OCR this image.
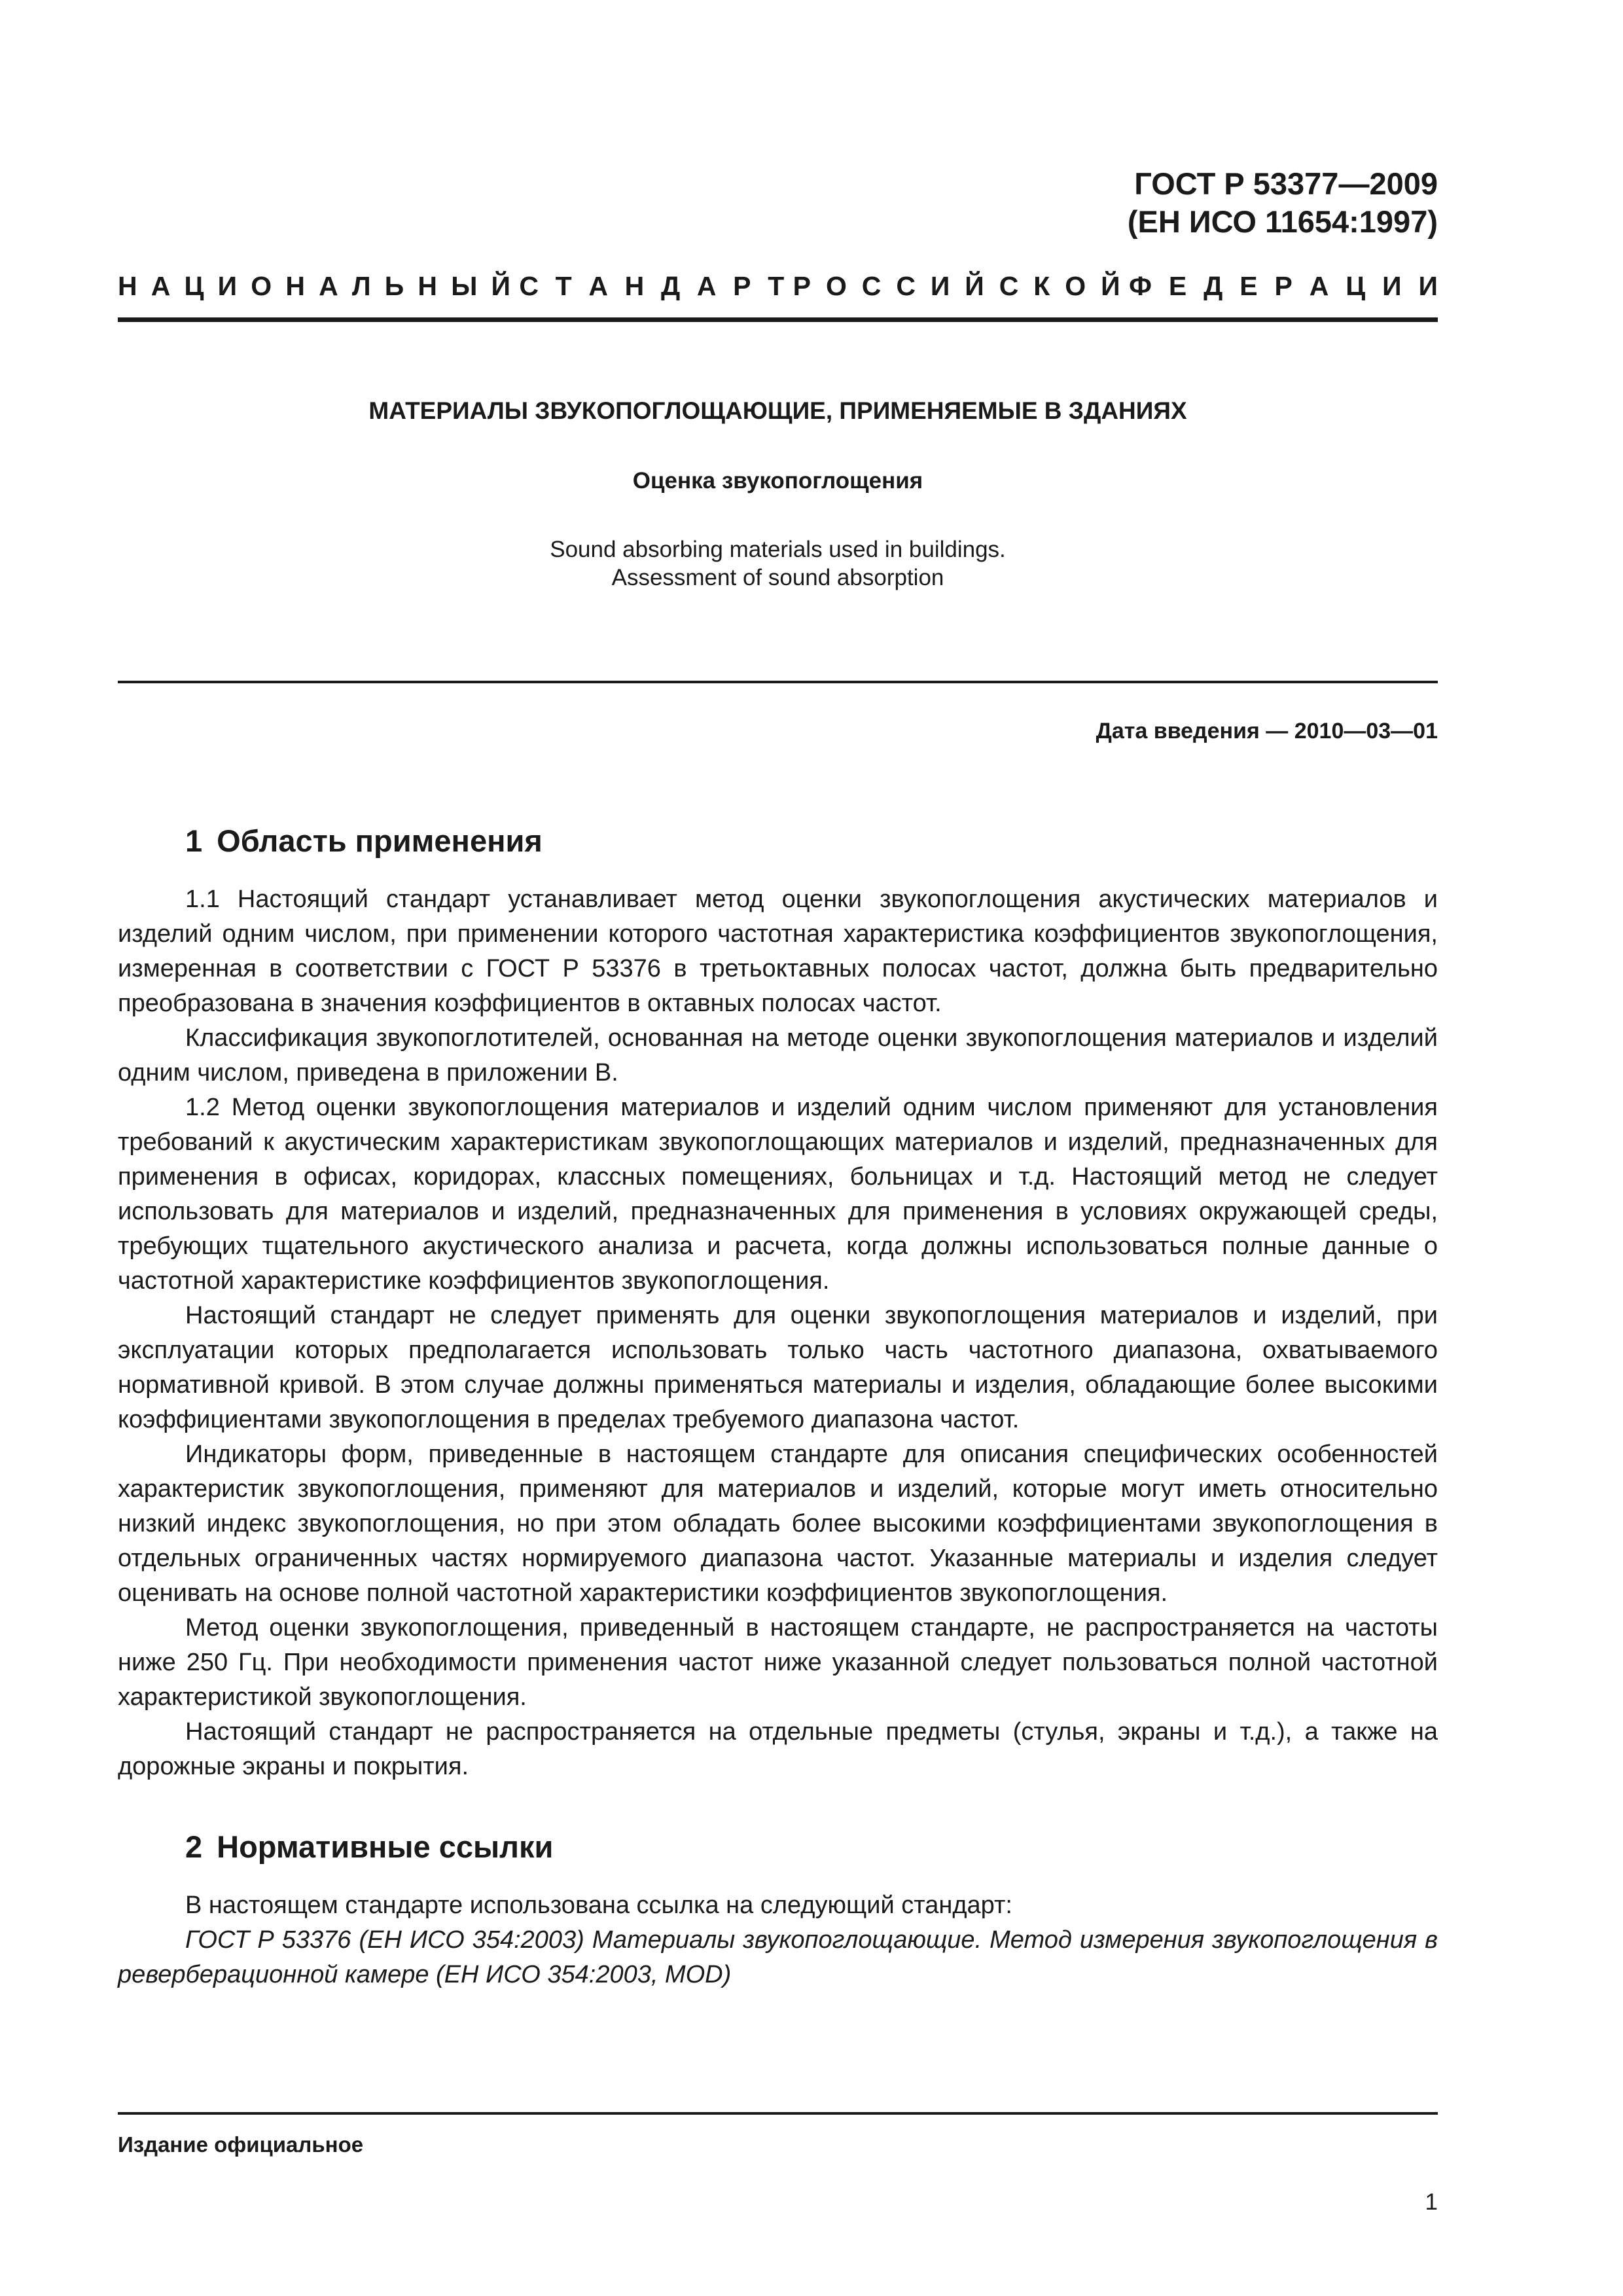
ГОСТ Р 53377—2009
(ЕН ИСО 11654:1997)
Н А Ц И О Н А Л Ь Н Ы Й С Т А Н Д А Р Т Р О С С И Й С К О Й Ф Е Д Е Р А Ц И И
МАТЕРИАЛЫ ЗВУКОПОГЛОЩАЮЩИЕ, ПРИМЕНЯЕМЫЕ В ЗДАНИЯХ
Оценка звукопоглощения
Sound absorbing materials used in buildings.
Assessment of sound absorption
Дата введения — 2010—03—01
1 Область применения

1.1 Настоящий стандарт устанавливает метод оценки звукопоглощения акустических материалов и изделий одним числом, при применении которого частотная характеристика коэффициентов звукопоглощения, измеренная в соответствии с ГОСТ Р 53376 в третьоктавных полосах частот, должна быть предварительно преобразована в значения коэффициентов в октавных полосах частот.

Классификация звукопоглотителей, основанная на методе оценки звукопоглощения материалов и изделий одним числом, приведена в приложении В.

1.2 Метод оценки звукопоглощения материалов и изделий одним числом применяют для установления требований к акустическим характеристикам звукопоглощающих материалов и изделий, предназначенных для применения в офисах, коридорах, классных помещениях, больницах и т.д. Настоящий метод не следует использовать для материалов и изделий, предназначенных для применения в условиях окружающей среды, требующих тщательного акустического анализа и расчета, когда должны использоваться полные данные о частотной характеристике коэффициентов звукопоглощения.

Настоящий стандарт не следует применять для оценки звукопоглощения материалов и изделий, при эксплуатации которых предполагается использовать только часть частотного диапазона, охватываемого нормативной кривой. В этом случае должны применяться материалы и изделия, обладающие более высокими коэффициентами звукопоглощения в пределах требуемого диапазона частот.

Индикаторы форм, приведенные в настоящем стандарте для описания специфических особенностей характеристик звукопоглощения, применяют для материалов и изделий, которые могут иметь относительно низкий индекс звукопоглощения, но при этом обладать более высокими коэффициентами звукопоглощения в отдельных ограниченных частях нормируемого диапазона частот. Указанные материалы и изделия следует оценивать на основе полной частотной характеристики коэффициентов звукопоглощения.

Метод оценки звукопоглощения, приведенный в настоящем стандарте, не распространяется на частоты ниже 250 Гц. При необходимости применения частот ниже указанной следует пользоваться полной частотной характеристикой звукопоглощения.

Настоящий стандарт не распространяется на отдельные предметы (стулья, экраны и т.д.), а также на дорожные экраны и покрытия.

2 Нормативные ссылки

В настоящем стандарте использована ссылка на следующий стандарт:

ГОСТ Р 53376 (ЕН ИСО 354:2003) Материалы звукопоглощающие. Метод измерения звукопоглощения в реверберационной камере (ЕН ИСО 354:2003, MOD)

Издание официальное
1
